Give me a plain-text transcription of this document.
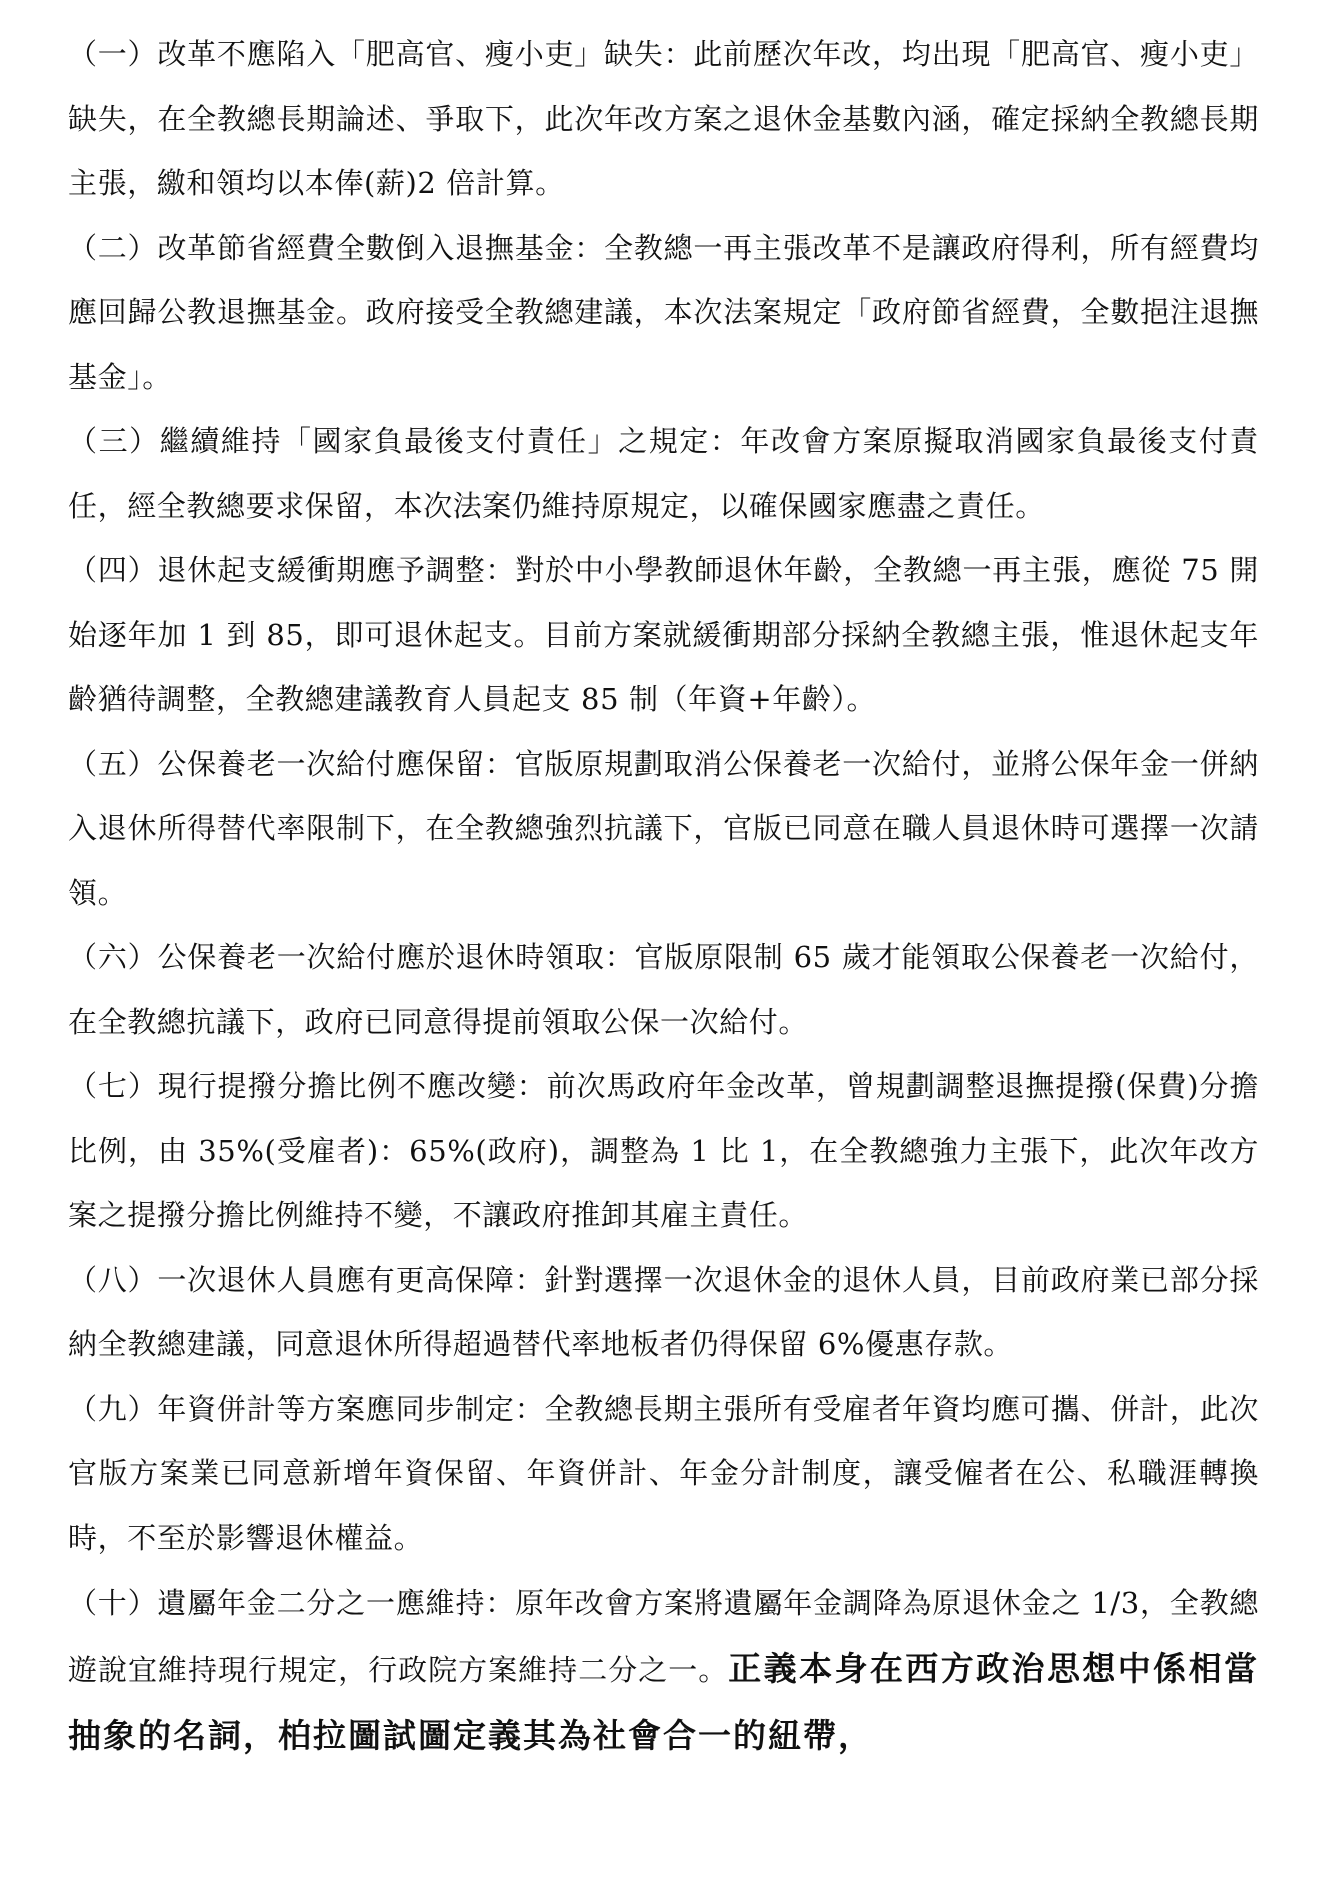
（一）改革不應陷入「肥高官、瘦小吏」缺失：此前歷次年改，均出現「肥高官、瘦小吏」缺失，在全教總長期論述、爭取下，此次年改方案之退休金基數內涵，確定採納全教總長期主張，繳和領均以本俸(薪)2 倍計算。

（二）改革節省經費全數倒入退撫基金：全教總一再主張改革不是讓政府得利，所有經費均應回歸公教退撫基金。政府接受全教總建議，本次法案規定「政府節省經費，全數挹注退撫基金」。

（三）繼續維持「國家負最後支付責任」之規定：年改會方案原擬取消國家負最後支付責任，經全教總要求保留，本次法案仍維持原規定，以確保國家應盡之責任。

（四）退休起支緩衝期應予調整：對於中小學教師退休年齡，全教總一再主張，應從 75 開始逐年加 1 到 85，即可退休起支。目前方案就緩衝期部分採納全教總主張，惟退休起支年齡猶待調整，全教總建議教育人員起支 85 制（年資+年齡）。

（五）公保養老一次給付應保留：官版原規劃取消公保養老一次給付，並將公保年金一併納入退休所得替代率限制下，在全教總強烈抗議下，官版已同意在職人員退休時可選擇一次請領。

（六）公保養老一次給付應於退休時領取：官版原限制 65 歲才能領取公保養老一次給付，在全教總抗議下，政府已同意得提前領取公保一次給付。

（七）現行提撥分擔比例不應改變：前次馬政府年金改革，曾規劃調整退撫提撥(保費)分擔比例，由 35%(受雇者)：65%(政府)，調整為 1 比 1，在全教總強力主張下，此次年改方案之提撥分擔比例維持不變，不讓政府推卸其雇主責任。

（八）一次退休人員應有更高保障：針對選擇一次退休金的退休人員，目前政府業已部分採納全教總建議，同意退休所得超過替代率地板者仍得保留 6%優惠存款。

（九）年資併計等方案應同步制定：全教總長期主張所有受雇者年資均應可攜、併計，此次官版方案業已同意新增年資保留、年資併計、年金分計制度，讓受僱者在公、私職涯轉換時，不至於影響退休權益。

（十）遺屬年金二分之一應維持：原年改會方案將遺屬年金調降為原退休金之 1/3，全教總遊說宜維持現行規定，行政院方案維持二分之一。正義本身在西方政治思想中係相當抽象的名詞，柏拉圖試圖定義其為社會合一的紐帶，
